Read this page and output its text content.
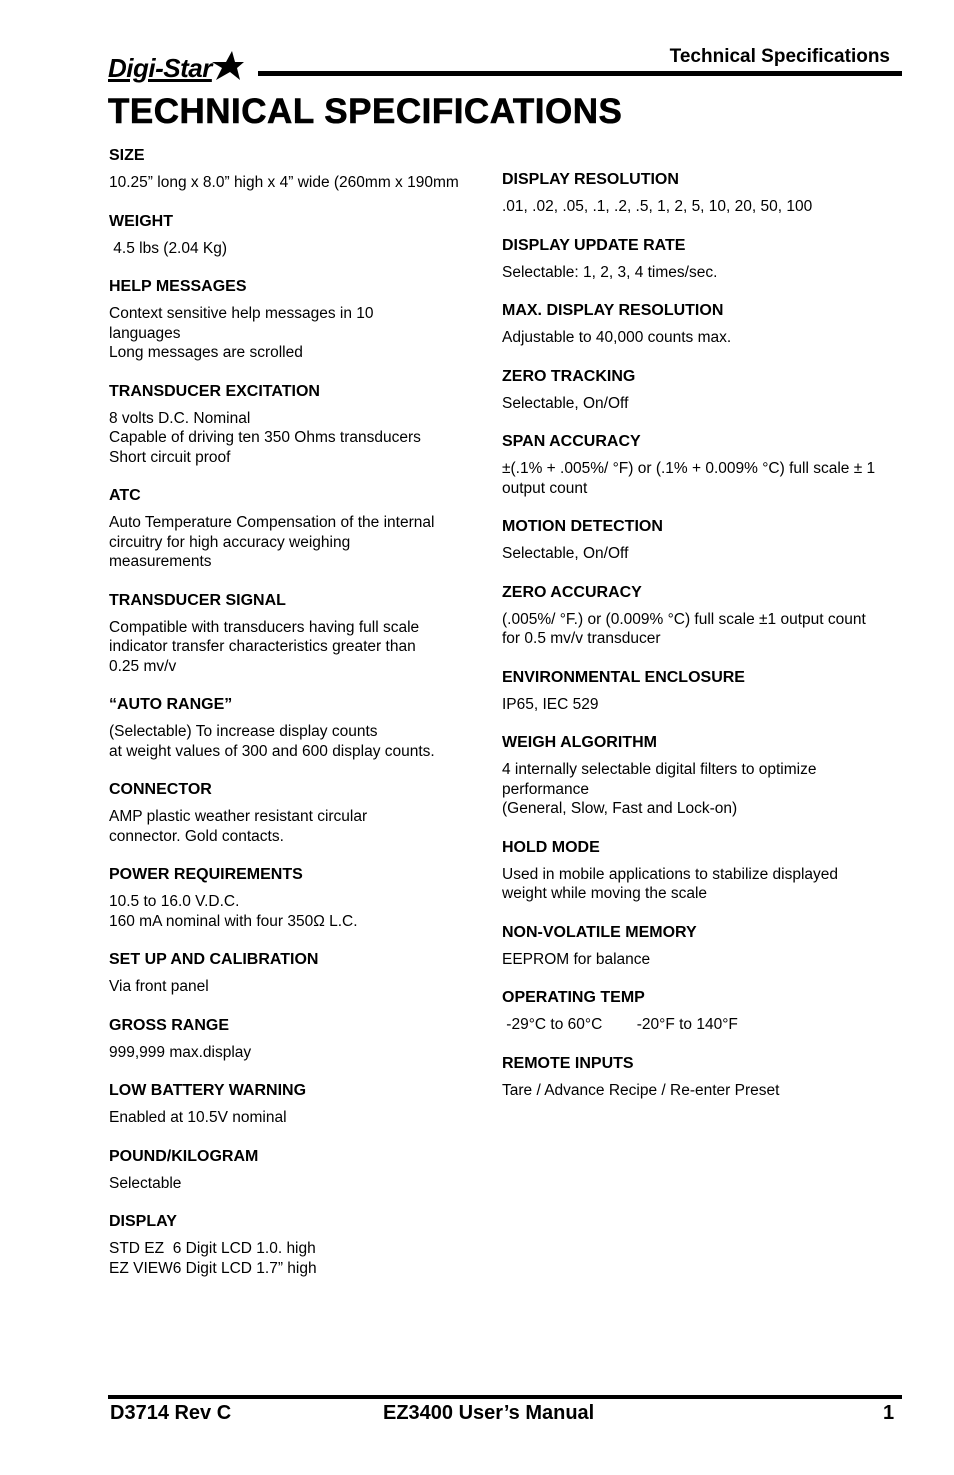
Digi-Star	Technical Specifications
TECHNICAL SPECIFICATIONS
SIZE
10.25” long x 8.0” high x 4” wide (260mm x 190mm
WEIGHT
4.5 lbs (2.04 Kg)
HELP MESSAGES
Context sensitive help messages in 10
languages
Long messages are scrolled
TRANSDUCER EXCITATION
8 volts D.C. Nominal
Capable of driving ten 350 Ohms transducers
Short circuit proof
ATC
Auto Temperature Compensation of the internal
circuitry for high accuracy weighing
measurements
TRANSDUCER SIGNAL
Compatible with transducers having full scale
indicator transfer characteristics greater than
0.25 mv/v
“AUTO RANGE”
(Selectable) To increase display counts
at weight values of 300 and 600 display counts.
CONNECTOR
AMP plastic weather resistant circular
connector. Gold contacts.
POWER REQUIREMENTS
10.5 to 16.0 V.D.C.
160 mA nominal with four 350Ω L.C.
SET UP AND CALIBRATION
Via front panel
GROSS RANGE
999,999 max.display
LOW BATTERY WARNING
Enabled at 10.5V nominal
POUND/KILOGRAM
Selectable
DISPLAY
STD EZ  6 Digit LCD 1.0. high
EZ VIEW6 Digit LCD 1.7” high
DISPLAY RESOLUTION
.01, .02, .05, .1, .2, .5, 1, 2, 5, 10, 20, 50, 100
DISPLAY UPDATE RATE
Selectable: 1, 2, 3, 4 times/sec.
MAX. DISPLAY RESOLUTION
Adjustable to 40,000 counts max.
ZERO TRACKING
Selectable, On/Off
SPAN ACCURACY
±(.1% + .005%/ °F) or (.1% + 0.009% °C) full scale ± 1
output count
MOTION DETECTION
Selectable, On/Off
ZERO ACCURACY
(.005%/ °F.) or (0.009% °C) full scale ±1 output count
for 0.5 mv/v transducer
ENVIRONMENTAL ENCLOSURE
IP65, IEC 529
WEIGH ALGORITHM
4 internally selectable digital filters to optimize
performance
(General, Slow, Fast and Lock-on)
HOLD MODE
Used in mobile applications to stabilize displayed
weight while moving the scale
NON-VOLATILE MEMORY
EEPROM for balance
OPERATING TEMP
-29°C to 60°C        -20°F to 140°F
REMOTE INPUTS
Tare / Advance Recipe / Re-enter Preset
D3714 Rev C	EZ3400 User’s Manual	1
